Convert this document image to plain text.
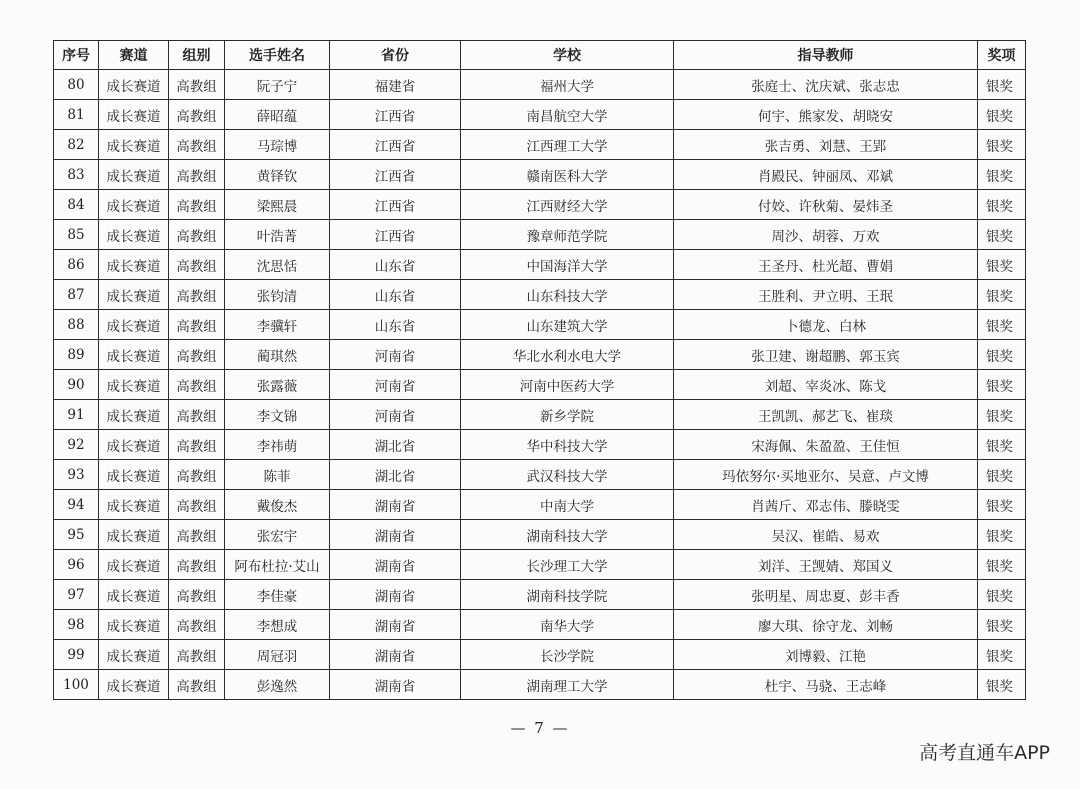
序号	赛道	组别	选手姓名	省份	学校	指导教师	奖项
80	成长赛道	高教组	阮子宁	福建省	福州大学	张庭士、沈庆斌、张志忠	银奖
81	成长赛道	高教组	薛昭蕴	江西省	南昌航空大学	何宇、熊家发、胡晓安	银奖
82	成长赛道	高教组	马琮博	江西省	江西理工大学	张吉勇、刘慧、王郢	银奖
83	成长赛道	高教组	黄铎钦	江西省	赣南医科大学	肖殿民、钟丽凤、邓斌	银奖
84	成长赛道	高教组	梁熙晨	江西省	江西财经大学	付姣、许秋菊、晏炜圣	银奖
85	成长赛道	高教组	叶浩菁	江西省	豫章师范学院	周沙、胡蓉、万欢	银奖
86	成长赛道	高教组	沈思恬	山东省	中国海洋大学	王圣丹、杜光超、曹娟	银奖
87	成长赛道	高教组	张钧清	山东省	山东科技大学	王胜利、尹立明、王珉	银奖
88	成长赛道	高教组	李骥轩	山东省	山东建筑大学	卜德龙、白林	银奖
89	成长赛道	高教组	蔺琪然	河南省	华北水利水电大学	张卫建、谢超鹏、郭玉宾	银奖
90	成长赛道	高教组	张露薇	河南省	河南中医药大学	刘超、宰炎冰、陈戈	银奖
91	成长赛道	高教组	李文锦	河南省	新乡学院	王凯凯、郝艺飞、崔琰	银奖
92	成长赛道	高教组	李祎萌	湖北省	华中科技大学	宋海佩、朱盈盈、王佳恒	银奖
93	成长赛道	高教组	陈菲	湖北省	武汉科技大学	玛依努尔·买地亚尔、吴意、卢文博	银奖
94	成长赛道	高教组	戴俊杰	湖南省	中南大学	肖茜斤、邓志伟、滕晓雯	银奖
95	成长赛道	高教组	张宏宇	湖南省	湖南科技大学	吴汉、崔皓、易欢	银奖
96	成长赛道	高教组	阿布杜拉·艾山	湖南省	长沙理工大学	刘洋、王觊婧、郑国义	银奖
97	成长赛道	高教组	李佳豪	湖南省	湖南科技学院	张明星、周忠夏、彭丰香	银奖
98	成长赛道	高教组	李想成	湖南省	南华大学	廖大琪、徐守龙、刘畅	银奖
99	成长赛道	高教组	周冠羽	湖南省	长沙学院	刘博毅、江艳	银奖
100	成长赛道	高教组	彭逸然	湖南省	湖南理工大学	杜宇、马骁、王志峰	银奖
— 7 —
高考直通车APP
